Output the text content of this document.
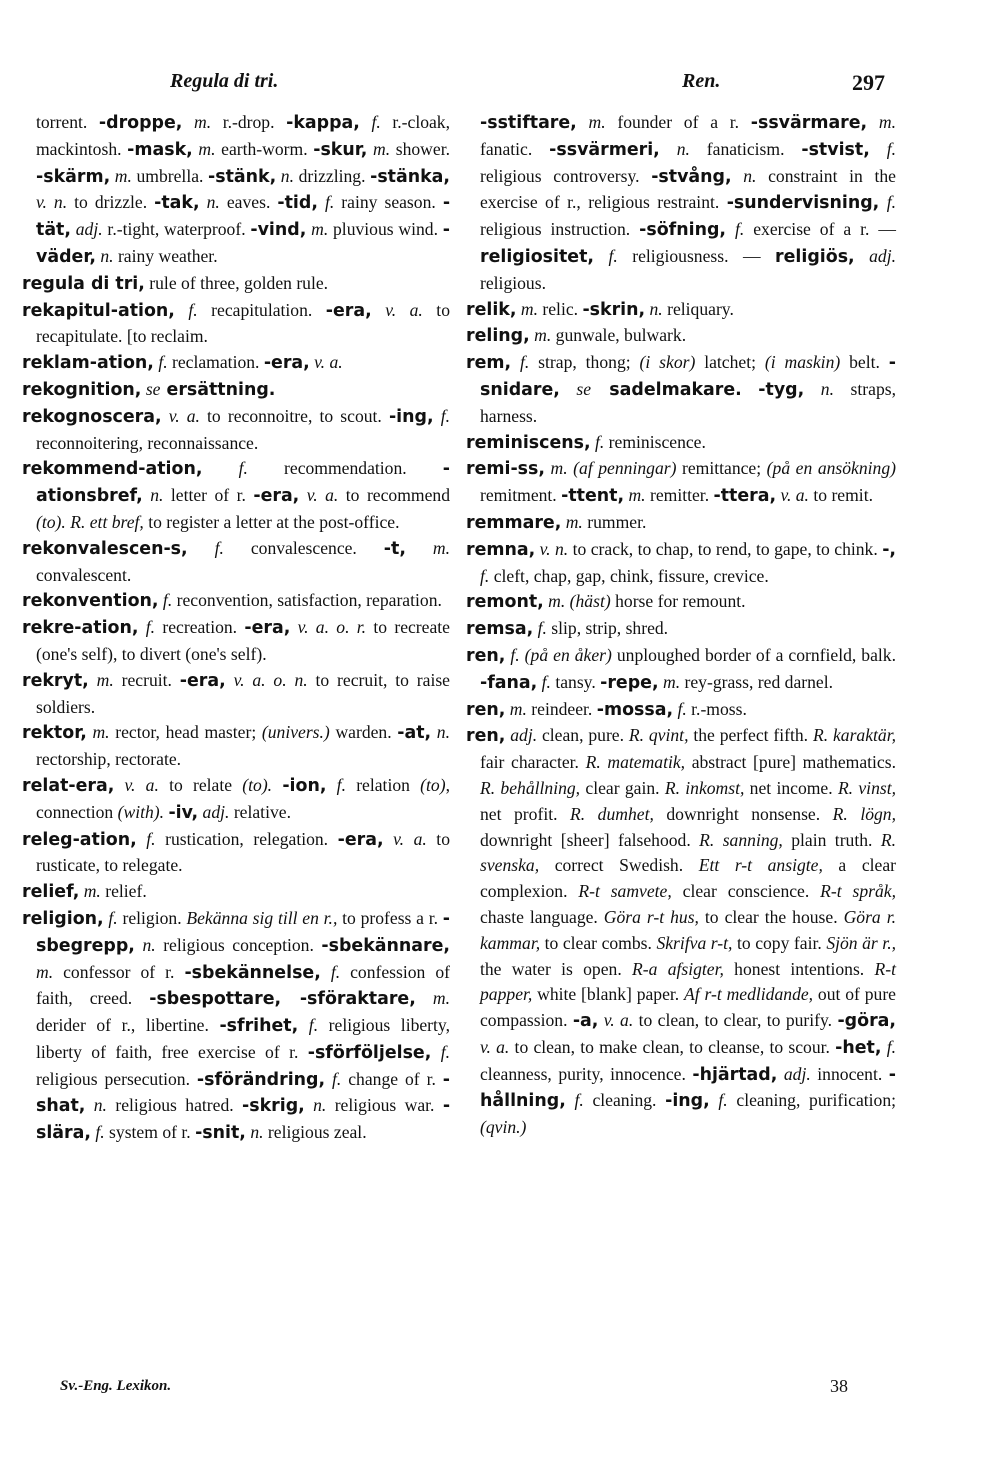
Regula di tri.	Ren.	297

torrent. -droppe, m. r.-drop. -kappa, f. r.-cloak, mackintosh. -mask, m. earth-worm. -skur, m. shower. -skärm, m. umbrella. -stänk, n. drizzling. -stänka, v. n. to drizzle. -tak, n. eaves. -tid, f. rainy season. -tät, adj. r.-tight, waterproof. -vind, m. pluvious wind. -väder, n. rainy weather.

regula di tri, rule of three, golden rule.

rekapitul-ation, f. recapitulation. -era, v. a. to recapitulate. [to reclaim.

reklam-ation, f. reclamation. -era, v. a.

rekognition, se ersättning.

rekognoscera, v. a. to reconnoitre, to scout. -ing, f. reconnoitering, reconnaissance.

rekommend-ation, f. recommendation. -ationsbref, n. letter of r. -era, v. a. to recommend (to). R. ett bref, to register a letter at the post-office.

rekonvalescen-s, f. convalescence. -t, m. convalescent.

rekonvention, f. reconvention, satisfaction, reparation.

rekre-ation, f. recreation. -era, v. a. o. r. to recreate (one's self), to divert (one's self).

rekryt, m. recruit. -era, v. a. o. n. to recruit, to raise soldiers.

rektor, m. rector, head master; (univers.) warden. -at, n. rectorship, rectorate.

relat-era, v. a. to relate (to). -ion, f. relation (to), connection (with). -iv, adj. relative.

releg-ation, f. rustication, relegation. -era, v. a. to rusticate, to relegate.

relief, m. relief.

religion, f. religion. Bekänna sig till en r., to profess a r. -sbegrepp, n. religious conception. -sbekännare, m. confessor of r. -sbekännelse, f. confession of faith, creed. -sbespottare, -sföraktare, m. derider of r., libertine. -sfrihet, f. religious liberty, liberty of faith, free exercise of r. -sförföljelse, f. religious persecution. -sförändring, f. change of r. -shat, n. religious hatred. -skrig, n. religious war. -slära, f. system of r. -snit, n. religious zeal.

-sstiftare, m. founder of a r. -ssvärmare, m. fanatic. -ssvärmeri, n. fanaticism. -stvist, f. religious controversy. -stvång, n. constraint in the exercise of r., religious restraint. -sundervisning, f. religious instruction. -söfning, f. exercise of a r. — religiositet, f. religiousness. — religiös, adj. religious.

relik, m. relic. -skrin, n. reliquary.

reling, m. gunwale, bulwark.

rem, f. strap, thong; (i skor) latchet; (i maskin) belt. -snidare, se sadelmakare. -tyg, n. straps, harness.

reminiscens, f. reminiscence.

remi-ss, m. (af penningar) remittance; (på en ansökning) remitment. -ttent, m. remitter. -ttera, v. a. to remit.

remmare, m. rummer.

remna, v. n. to crack, to chap, to rend, to gape, to chink. -, f. cleft, chap, gap, chink, fissure, crevice.

remont, m. (häst) horse for remount.

remsa, f. slip, strip, shred.

ren, f. (på en åker) unploughed border of a cornfield, balk. -fana, f. tansy. -repe, m. rey-grass, red darnel.

ren, m. reindeer. -mossa, f. r.-moss.

ren, adj. clean, pure. R. qvint, the perfect fifth. R. karaktär, fair character. R. matematik, abstract [pure] mathematics. R. behållning, clear gain. R. inkomst, net income. R. vinst, net profit. R. dumhet, downright nonsense. R. lögn, downright [sheer] falsehood. R. sanning, plain truth. R. svenska, correct Swedish. Ett r-t ansigte, a clear complexion. R-t samvete, clear conscience. R-t språk, chaste language. Göra r-t hus, to clear the house. Göra r. kammar, to clear combs. Skrifva r-t, to copy fair. Sjön är r., the water is open. R-a afsigter, honest intentions. R-t papper, white [blank] paper. Af r-t medlidande, out of pure compassion. -a, v. a. to clean, to clear, to purify. -göra, v. a. to clean, to make clean, to cleanse, to scour. -het, f. cleanness, purity, innocence. -hjärtad, adj. innocent. -hållning, f. cleaning. -ing, f. cleaning, purification; (qvin.)

Sv.-Eng. Lexikon.	38
